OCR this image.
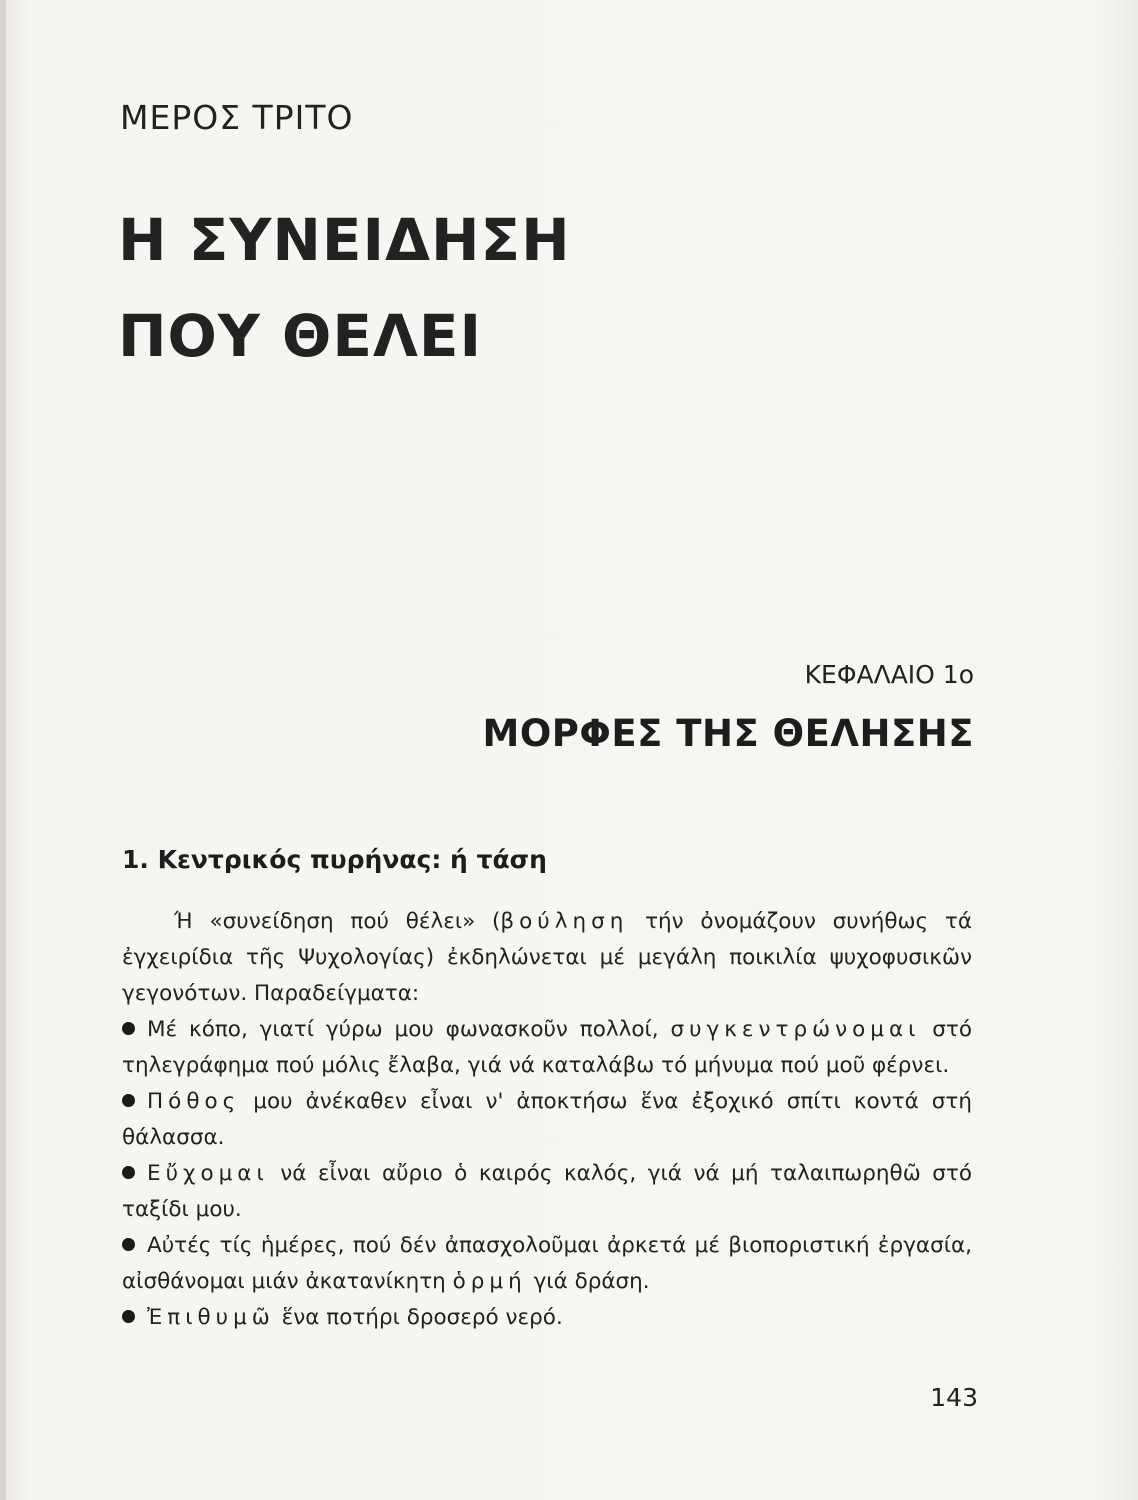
ΜΕΡΟΣ ΤΡΙΤΟ
Η ΣΥΝΕΙΔΗΣΗ
ΠΟΥ ΘΕΛΕΙ

ΚΕΦΑΛΑΙΟ 1ο

ΜΟΡΦΕΣ ΤΗΣ ΘΕΛΗΣΗΣ
1. Κεντρικός πυρήνας: ή τάση

Ή «συνείδηση πού θέλει» (βούληση τήν ὀνομάζουν συνήθως τά ἐγχειρίδια τῆς Ψυχολογίας) ἐκδηλώνεται μέ μεγάλη ποικιλία ψυχοφυσικῶν γεγονότων. Παραδείγματα:

Μέ κόπο, γιατί γύρω μου φωνασκοῦν πολλοί, συγκεντρώνομαι στό τηλεγράφημα πού μόλις ἔλαβα, γιά νά καταλάβω τό μήνυμα πού μοῦ φέρνει.

Πόθος μου ἀνέκαθεν εἶναι ν' ἀποκτήσω ἕνα ἐξοχικό σπίτι κοντά στή θάλασσα.

Εὔχομαι νά εἶναι αὔριο ὁ καιρός καλός, γιά νά μή ταλαιπωρηθῶ στό ταξίδι μου.

Αὐτές τίς ἡμέρες, πού δέν ἀπασχολοῦμαι ἀρκετά μέ βιοποριστική ἐργασία, αἰσθάνομαι μιάν ἀκατανίκητη ὁρμή γιά δράση.

Ἐπιθυμῶ ἕνα ποτήρι δροσερό νερό.

143
